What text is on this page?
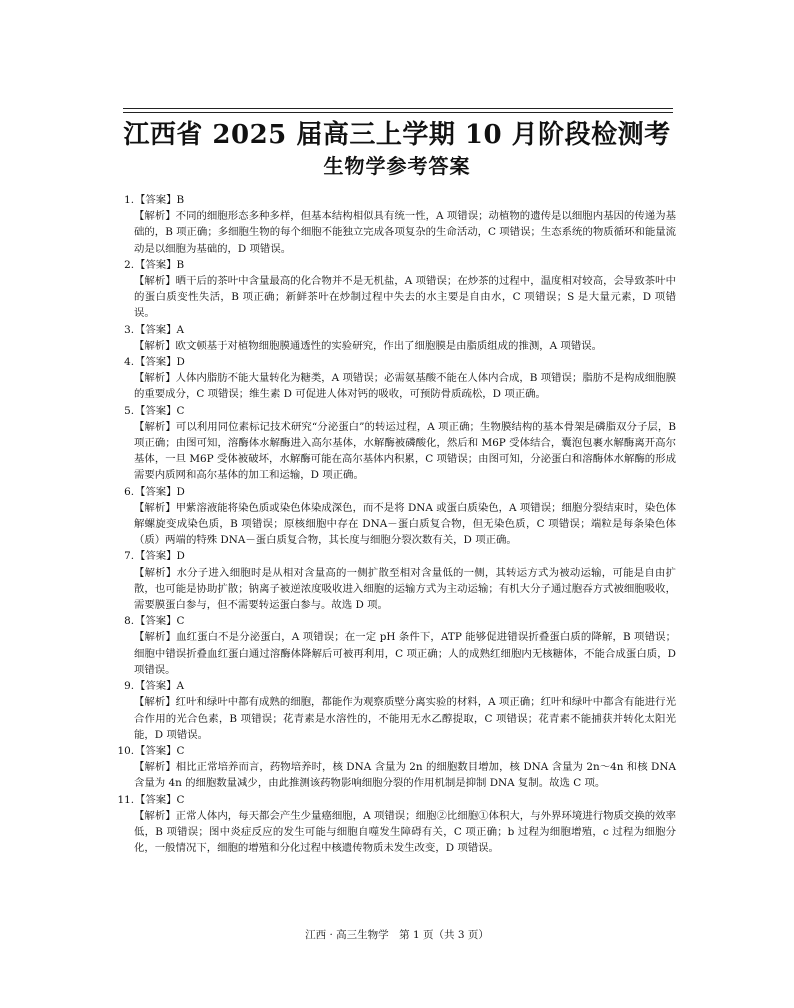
江西省 2025 届高三上学期 10 月阶段检测考
生物学参考答案
1.【答案】B

【解析】不同的细胞形态多种多样，但基本结构相似具有统一性，A 项错误；动植物的遗传是以细胞内基因的传递为基础的，B 项正确；多细胞生物的每个细胞不能独立完成各项复杂的生命活动，C 项错误；生态系统的物质循环和能量流动是以细胞为基础的，D 项错误。

2.【答案】B

【解析】晒干后的茶叶中含量最高的化合物并不是无机盐，A 项错误；在炒茶的过程中，温度相对较高，会导致茶叶中的蛋白质变性失活，B 项正确；新鲜茶叶在炒制过程中失去的水主要是自由水，C 项错误；S 是大量元素，D 项错误。

3.【答案】A

【解析】欧文顿基于对植物细胞膜通透性的实验研究，作出了细胞膜是由脂质组成的推测，A 项错误。

4.【答案】D

【解析】人体内脂肪不能大量转化为糖类，A 项错误；必需氨基酸不能在人体内合成，B 项错误；脂肪不是构成细胞膜的重要成分，C 项错误；维生素 D 可促进人体对钙的吸收，可预防骨质疏松，D 项正确。

5.【答案】C

【解析】可以利用同位素标记技术研究“分泌蛋白”的转运过程，A 项正确；生物膜结构的基本骨架是磷脂双分子层，B 项正确；由图可知，溶酶体水解酶进入高尔基体，水解酶被磷酸化，然后和 M6P 受体结合，囊泡包裹水解酶离开高尔基体，一旦 M6P 受体被破坏，水解酶可能在高尔基体内积累，C 项错误；由图可知，分泌蛋白和溶酶体水解酶的形成需要内质网和高尔基体的加工和运输，D 项正确。

6.【答案】D

【解析】甲紫溶液能将染色质或染色体染成深色，而不是将 DNA 或蛋白质染色，A 项错误；细胞分裂结束时，染色体解螺旋变成染色质，B 项错误；原核细胞中存在 DNA－蛋白质复合物，但无染色质，C 项错误；端粒是每条染色体（质）两端的特殊 DNA－蛋白质复合物，其长度与细胞分裂次数有关，D 项正确。

7.【答案】D

【解析】水分子进入细胞时是从相对含量高的一侧扩散至相对含量低的一侧，其转运方式为被动运输，可能是自由扩散，也可能是协助扩散；钠离子被逆浓度吸收进入细胞的运输方式为主动运输；有机大分子通过胞吞方式被细胞吸收，需要膜蛋白参与，但不需要转运蛋白参与。故选 D 项。

8.【答案】C

【解析】血红蛋白不是分泌蛋白，A 项错误；在一定 pH 条件下，ATP 能够促进错误折叠蛋白质的降解，B 项错误；细胞中错误折叠血红蛋白通过溶酶体降解后可被再利用，C 项正确；人的成熟红细胞内无核糖体，不能合成蛋白质，D 项错误。

9.【答案】A

【解析】红叶和绿叶中都有成熟的细胞，都能作为观察质壁分离实验的材料，A 项正确；红叶和绿叶中都含有能进行光合作用的光合色素，B 项错误；花青素是水溶性的，不能用无水乙醇提取，C 项错误；花青素不能捕获并转化太阳光能，D 项错误。

10.【答案】C

【解析】相比正常培养而言，药物培养时，核 DNA 含量为 2n 的细胞数目增加，核 DNA 含量为 2n～4n 和核 DNA 含量为 4n 的细胞数量减少，由此推测该药物影响细胞分裂的作用机制是抑制 DNA 复制。故选 C 项。

11.【答案】C

【解析】正常人体内，每天都会产生少量癌细胞，A 项错误；细胞②比细胞①体积大，与外界环境进行物质交换的效率低，B 项错误；图中炎症反应的发生可能与细胞自噬发生障碍有关，C 项正确；b 过程为细胞增殖，c 过程为细胞分化，一般情况下，细胞的增殖和分化过程中核遗传物质未发生改变，D 项错误。

江西 · 高三生物学　第 1 页（共 3 页）
